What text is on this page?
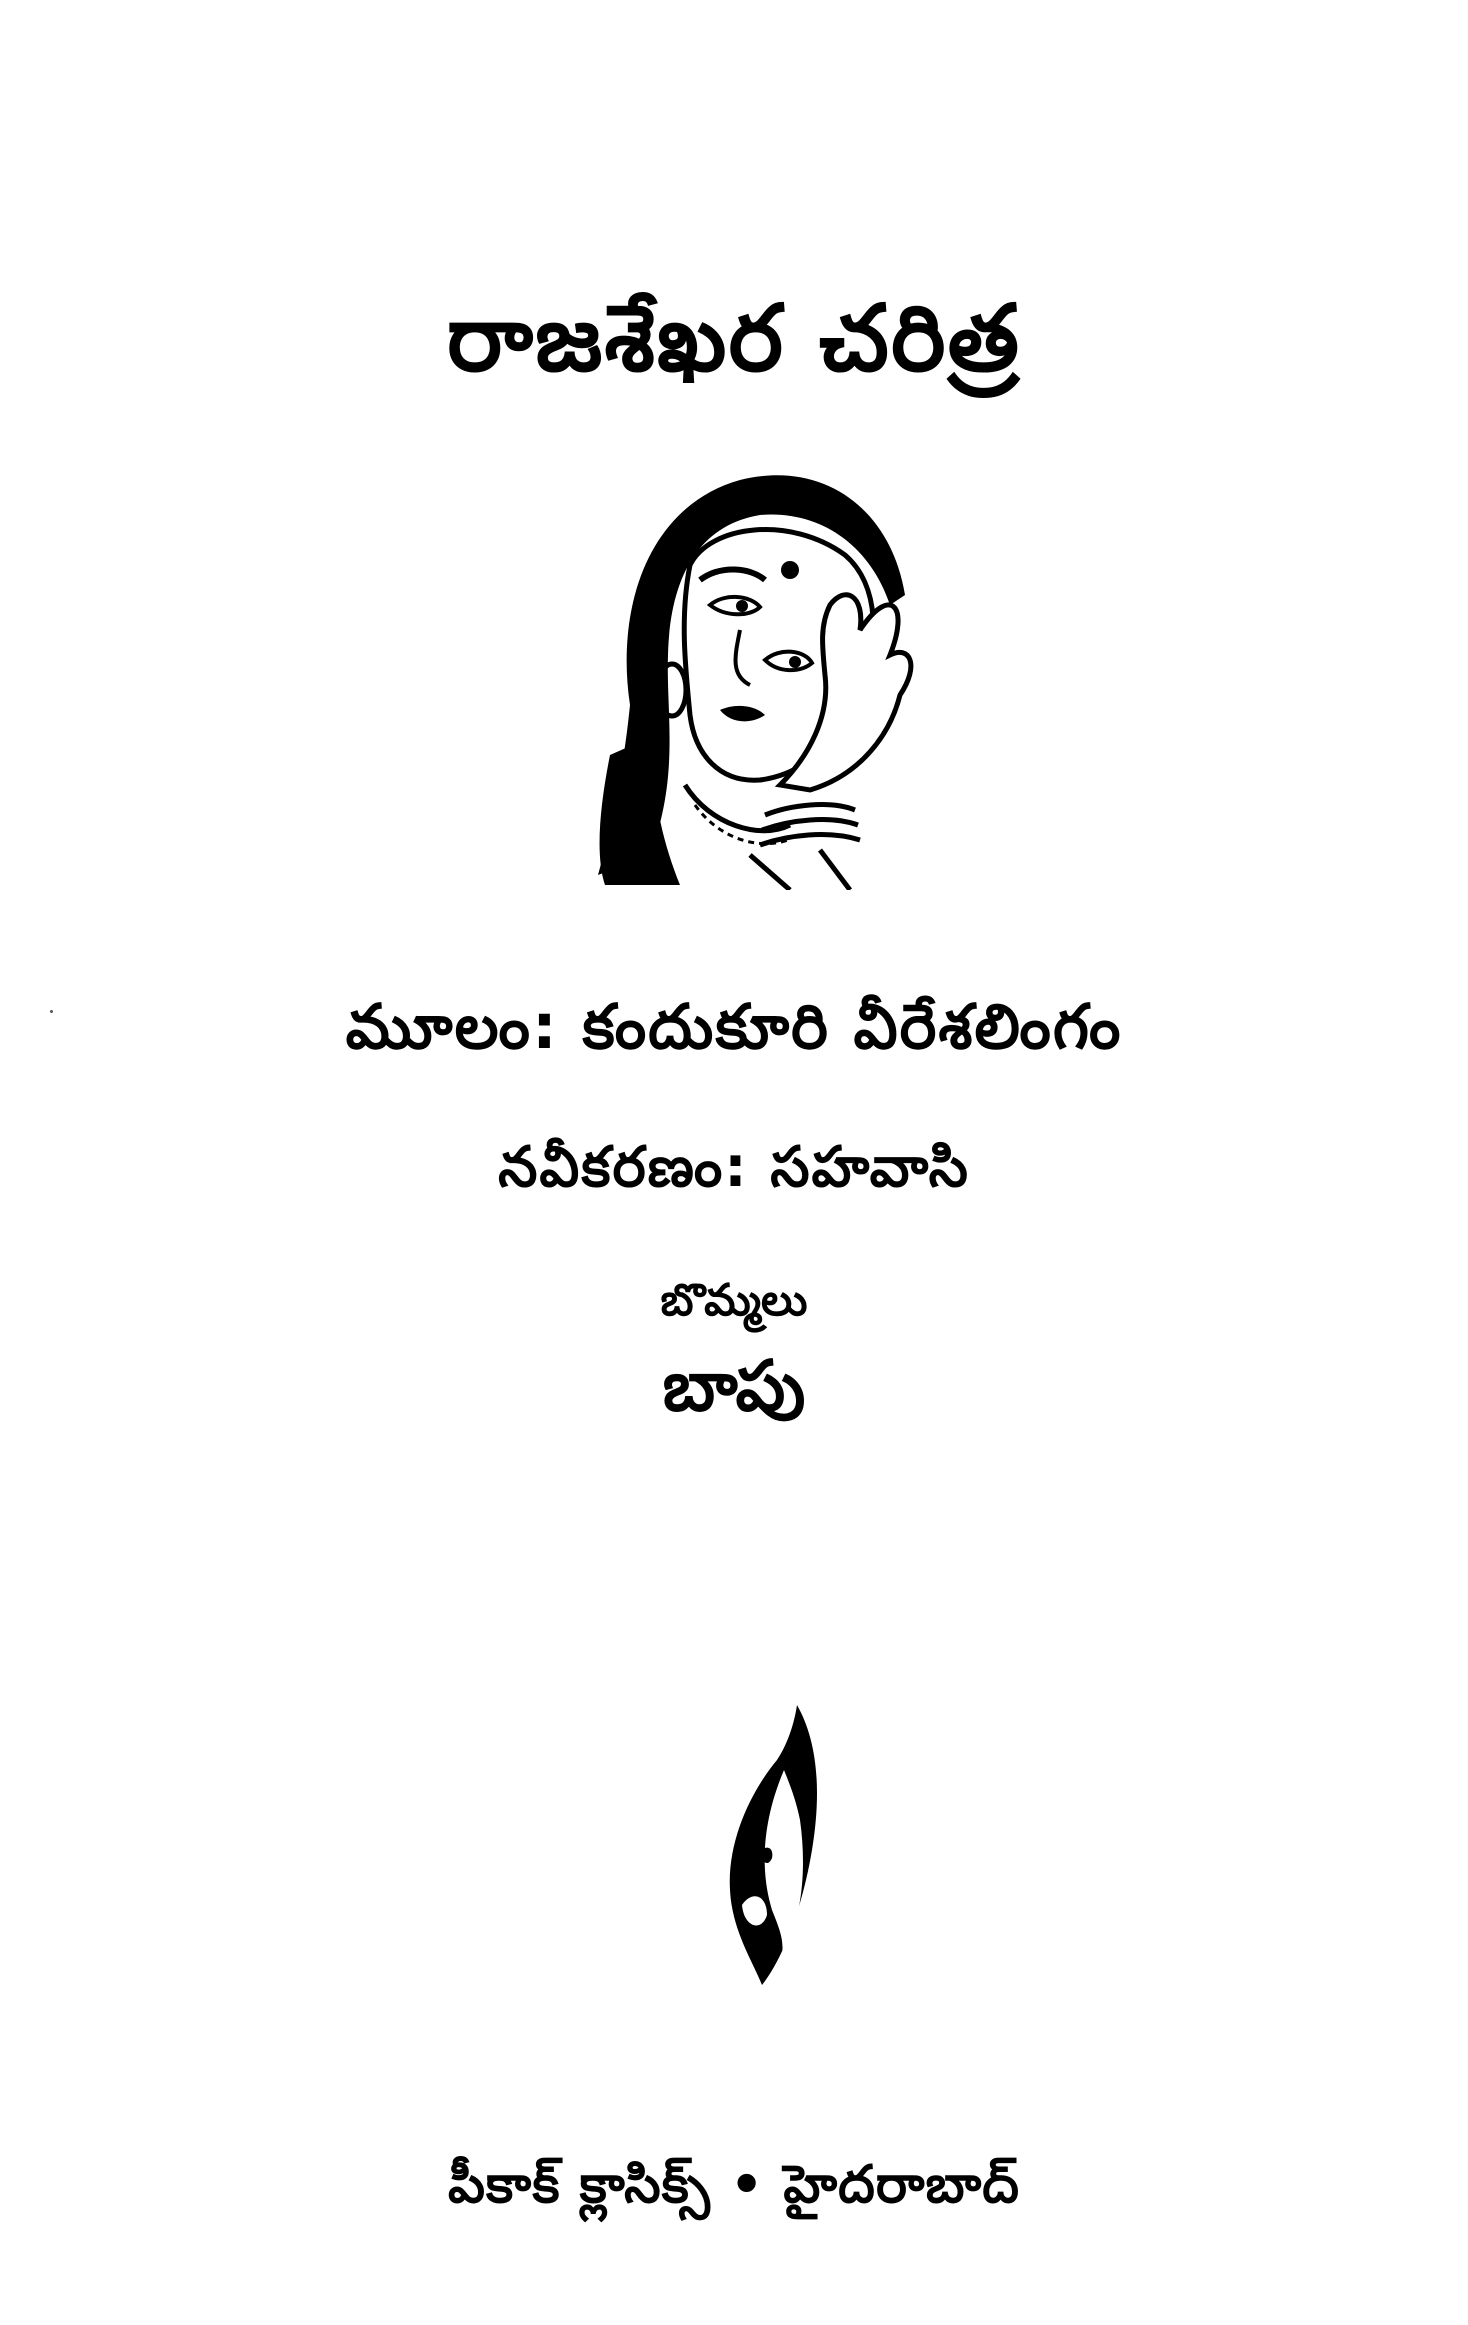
రాజశేఖర చరిత్ర
మూలం: కందుకూరి వీరేశలింగం
నవీకరణం: సహవాసి
బొమ్మలు
బాపు
పీకాక్ క్లాసిక్స్ • హైదరాబాద్
